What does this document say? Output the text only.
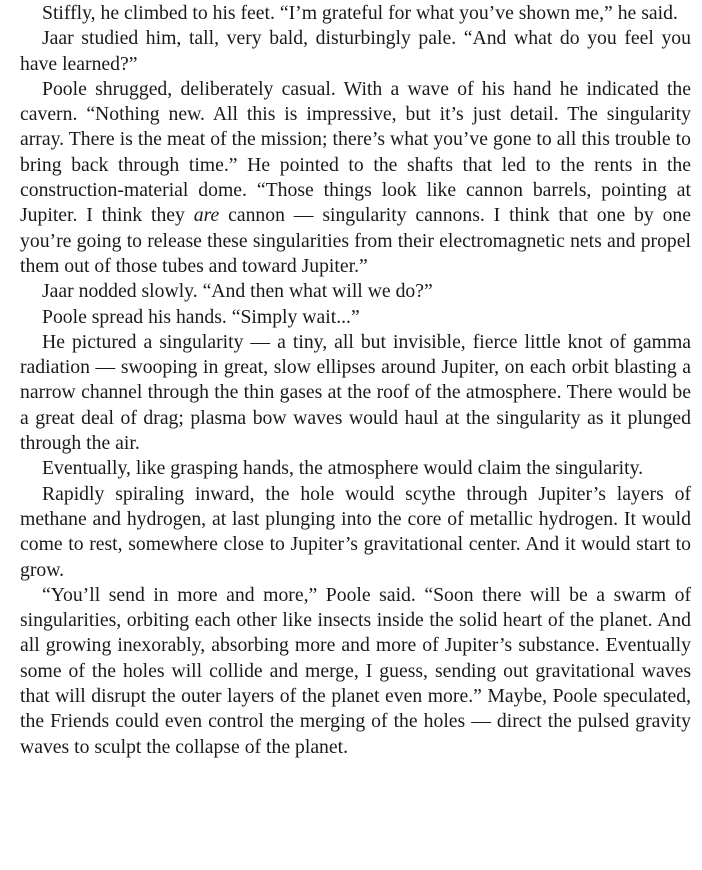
Stiffly, he climbed to his feet. “I’m grateful for what you’ve shown me,” he said.

Jaar studied him, tall, very bald, disturbingly pale. “And what do you feel you have learned?”

Poole shrugged, deliberately casual. With a wave of his hand he indicated the cavern. “Nothing new. All this is impressive, but it’s just detail. The singularity array. There is the meat of the mission; there’s what you’ve gone to all this trouble to bring back through time.” He pointed to the shafts that led to the rents in the construction-material dome. “Those things look like cannon barrels, pointing at Jupiter. I think they are cannon — singularity cannons. I think that one by one you’re going to release these singularities from their electromagnetic nets and propel them out of those tubes and toward Jupiter.”

Jaar nodded slowly. “And then what will we do?”

Poole spread his hands. “Simply wait...”

He pictured a singularity — a tiny, all but invisible, fierce little knot of gamma radiation — swooping in great, slow ellipses around Jupiter, on each orbit blasting a narrow channel through the thin gases at the roof of the atmosphere. There would be a great deal of drag; plasma bow waves would haul at the singularity as it plunged through the air.

Eventually, like grasping hands, the atmosphere would claim the singularity.

Rapidly spiraling inward, the hole would scythe through Jupiter’s layers of methane and hydrogen, at last plunging into the core of metallic hydrogen. It would come to rest, somewhere close to Jupiter’s gravitational center. And it would start to grow.

“You’ll send in more and more,” Poole said. “Soon there will be a swarm of singularities, orbiting each other like insects inside the solid heart of the planet. And all growing inexorably, absorbing more and more of Jupiter’s substance. Eventually some of the holes will collide and merge, I guess, sending out gravitational waves that will disrupt the outer layers of the planet even more.” Maybe, Poole speculated, the Friends could even control the merging of the holes — direct the pulsed gravity waves to sculpt the collapse of the planet.
